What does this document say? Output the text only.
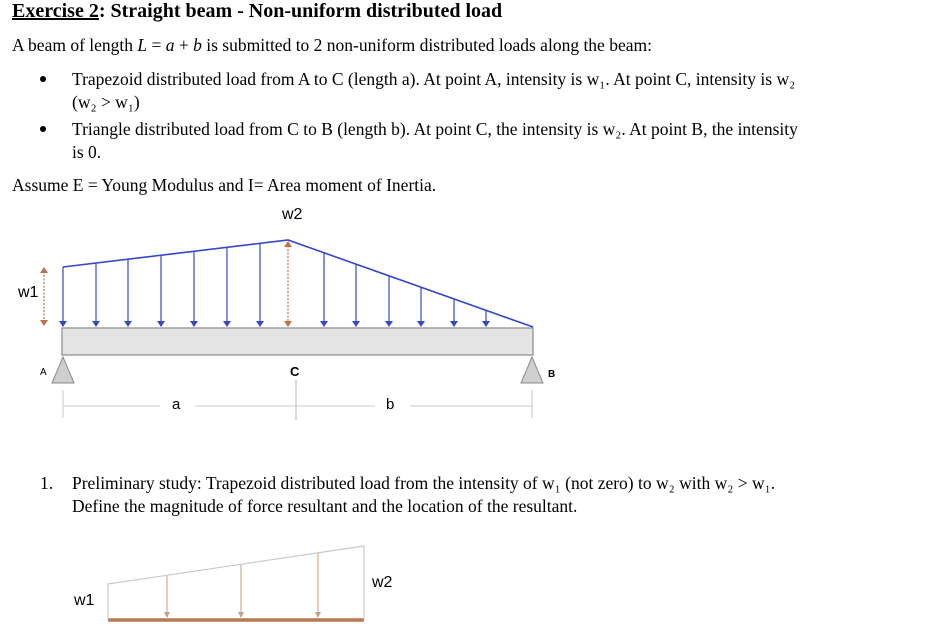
Exercise 2: Straight beam - Non-uniform distributed load
A beam of length L = a + b is submitted to 2 non-uniform distributed loads along the beam:
Trapezoid distributed load from A to C (length a). At point A, intensity is w₁. At point C, intensity is w₂
(w₂ > w₁)
Triangle distributed load from C to B (length b). At point C, the intensity is w₂. At point B, the intensity
is 0.
Assume E = Young Modulus and I= Area moment of Inertia.
w2
w1
A	B
C
a	b
1. Preliminary study: Trapezoid distributed load from the intensity of w₁ (not zero) to w₂ with w₂ > w₁.
Define the magnitude of force resultant and the location of the resultant.
w1
w2
